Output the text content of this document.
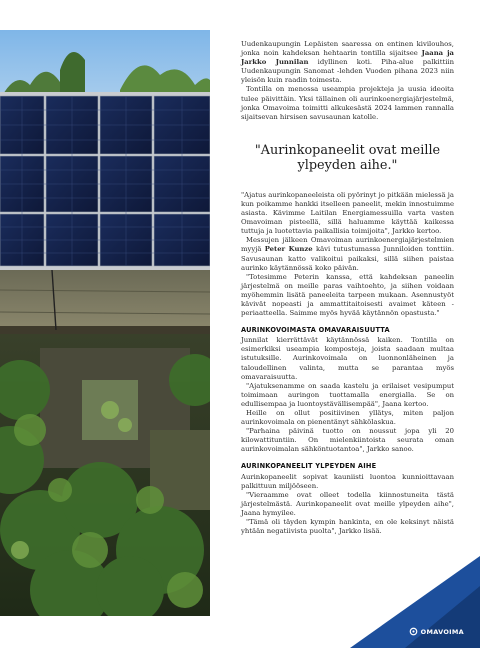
Uudenkaupungin Lepäisten saaressa on entinen kivilouhos, jonka noin kahdeksan hehtaarin tontilla sijaitsee Jaana ja Jarkko Junnilan idyllinen koti. Piha-alue palkittiin Uudenkaupungin Sanomat -lehden Vuoden pihana 2023 niin yleisön kuin raadin toimesta.

Tontilla on menossa useampia projekteja ja uusia ideoita tulee päivittäin. Yksi tällainen oli aurinkoenergiajärjestelmä, jonka Omavoima toimitti alkukesästä 2024 lammen rannalla sijaitsevan hirsisen savusaunan katolle.

"Aurinkopaneelit ovat meille ylpeyden aihe."

"Ajatus aurinkopaneeleista oli pyörinyt jo pitkään mielessä ja kun poikamme hankki itselleen paneelit, mekin innostuimme asiasta. Kävimme Laitilan Energiamessuilla varta vasten Omavoiman pisteellä, sillä haluamme käyttää kaikessa tuttuja ja luotettavia paikallisia toimijoita", Jarkko kertoo.

Messujen jälkeen Omavoiman aurinkoenergiajärjestelmien myyjä Peter Kunze kävi tutustumassa Junniloiden tonttiin. Savusaunan katto valikoitui paikaksi, sillä siihen paistaa aurinko käytännössä koko päivän.

"Totesimme Peterin kanssa, että kahdeksan paneelin järjestelmä on meille paras vaihtoehto, ja siihen voidaan myöhemmin lisätä paneeleita tarpeen mukaan. Asennustyöt kävivät nopeasti ja ammattitaitoisesti avaimet käteen -periaatteella. Saimme myös hyvää käytännön opastusta."

AURINKOVOIMASTA OMAVARAISUUTTA

Junnilat kierrättävät käytännössä kaiken. Tontilla on esimerkiksi useampia komposteja, joista saadaan multaa istutuksille. Aurinkovoimala on luonnonläheinen ja taloudellinen valinta, mutta se parantaa myös omavaraisuutta.

"Ajatuksenamme on saada kastelu ja erilaiset vesipumput toimimaan auringon tuottamalla energialla. Se on edullisempaa ja luontoystävällisempää", Jaana kertoo.

Heille on ollut positiivinen yllätys, miten paljon aurinkovoimala on pienentänyt sähkölaskua.

"Parhaina päivinä tuotto on noussut jopa yli 20 kilowattituntiin. On mielenkiintoista seurata oman aurinkovoimalan sähköntuotantoa", Jarkko sanoo.

AURINKOPANEELIT YLPEYDEN AIHE

Aurinkopaneelit sopivat kauniisti luontoa kunnioittavaan palkittuun miljööseen.

"Vieraamme ovat olleet todella kiinnostuneita tästä järjestelmästä. Aurinkopaneelit ovat meille ylpeyden aihe", Jaana hymyilee.

"Tämä oli täyden kympin hankinta, en ole keksinyt näistä yhtään negatiivista puolta", Jarkko lisää.

OMAVOIMA
